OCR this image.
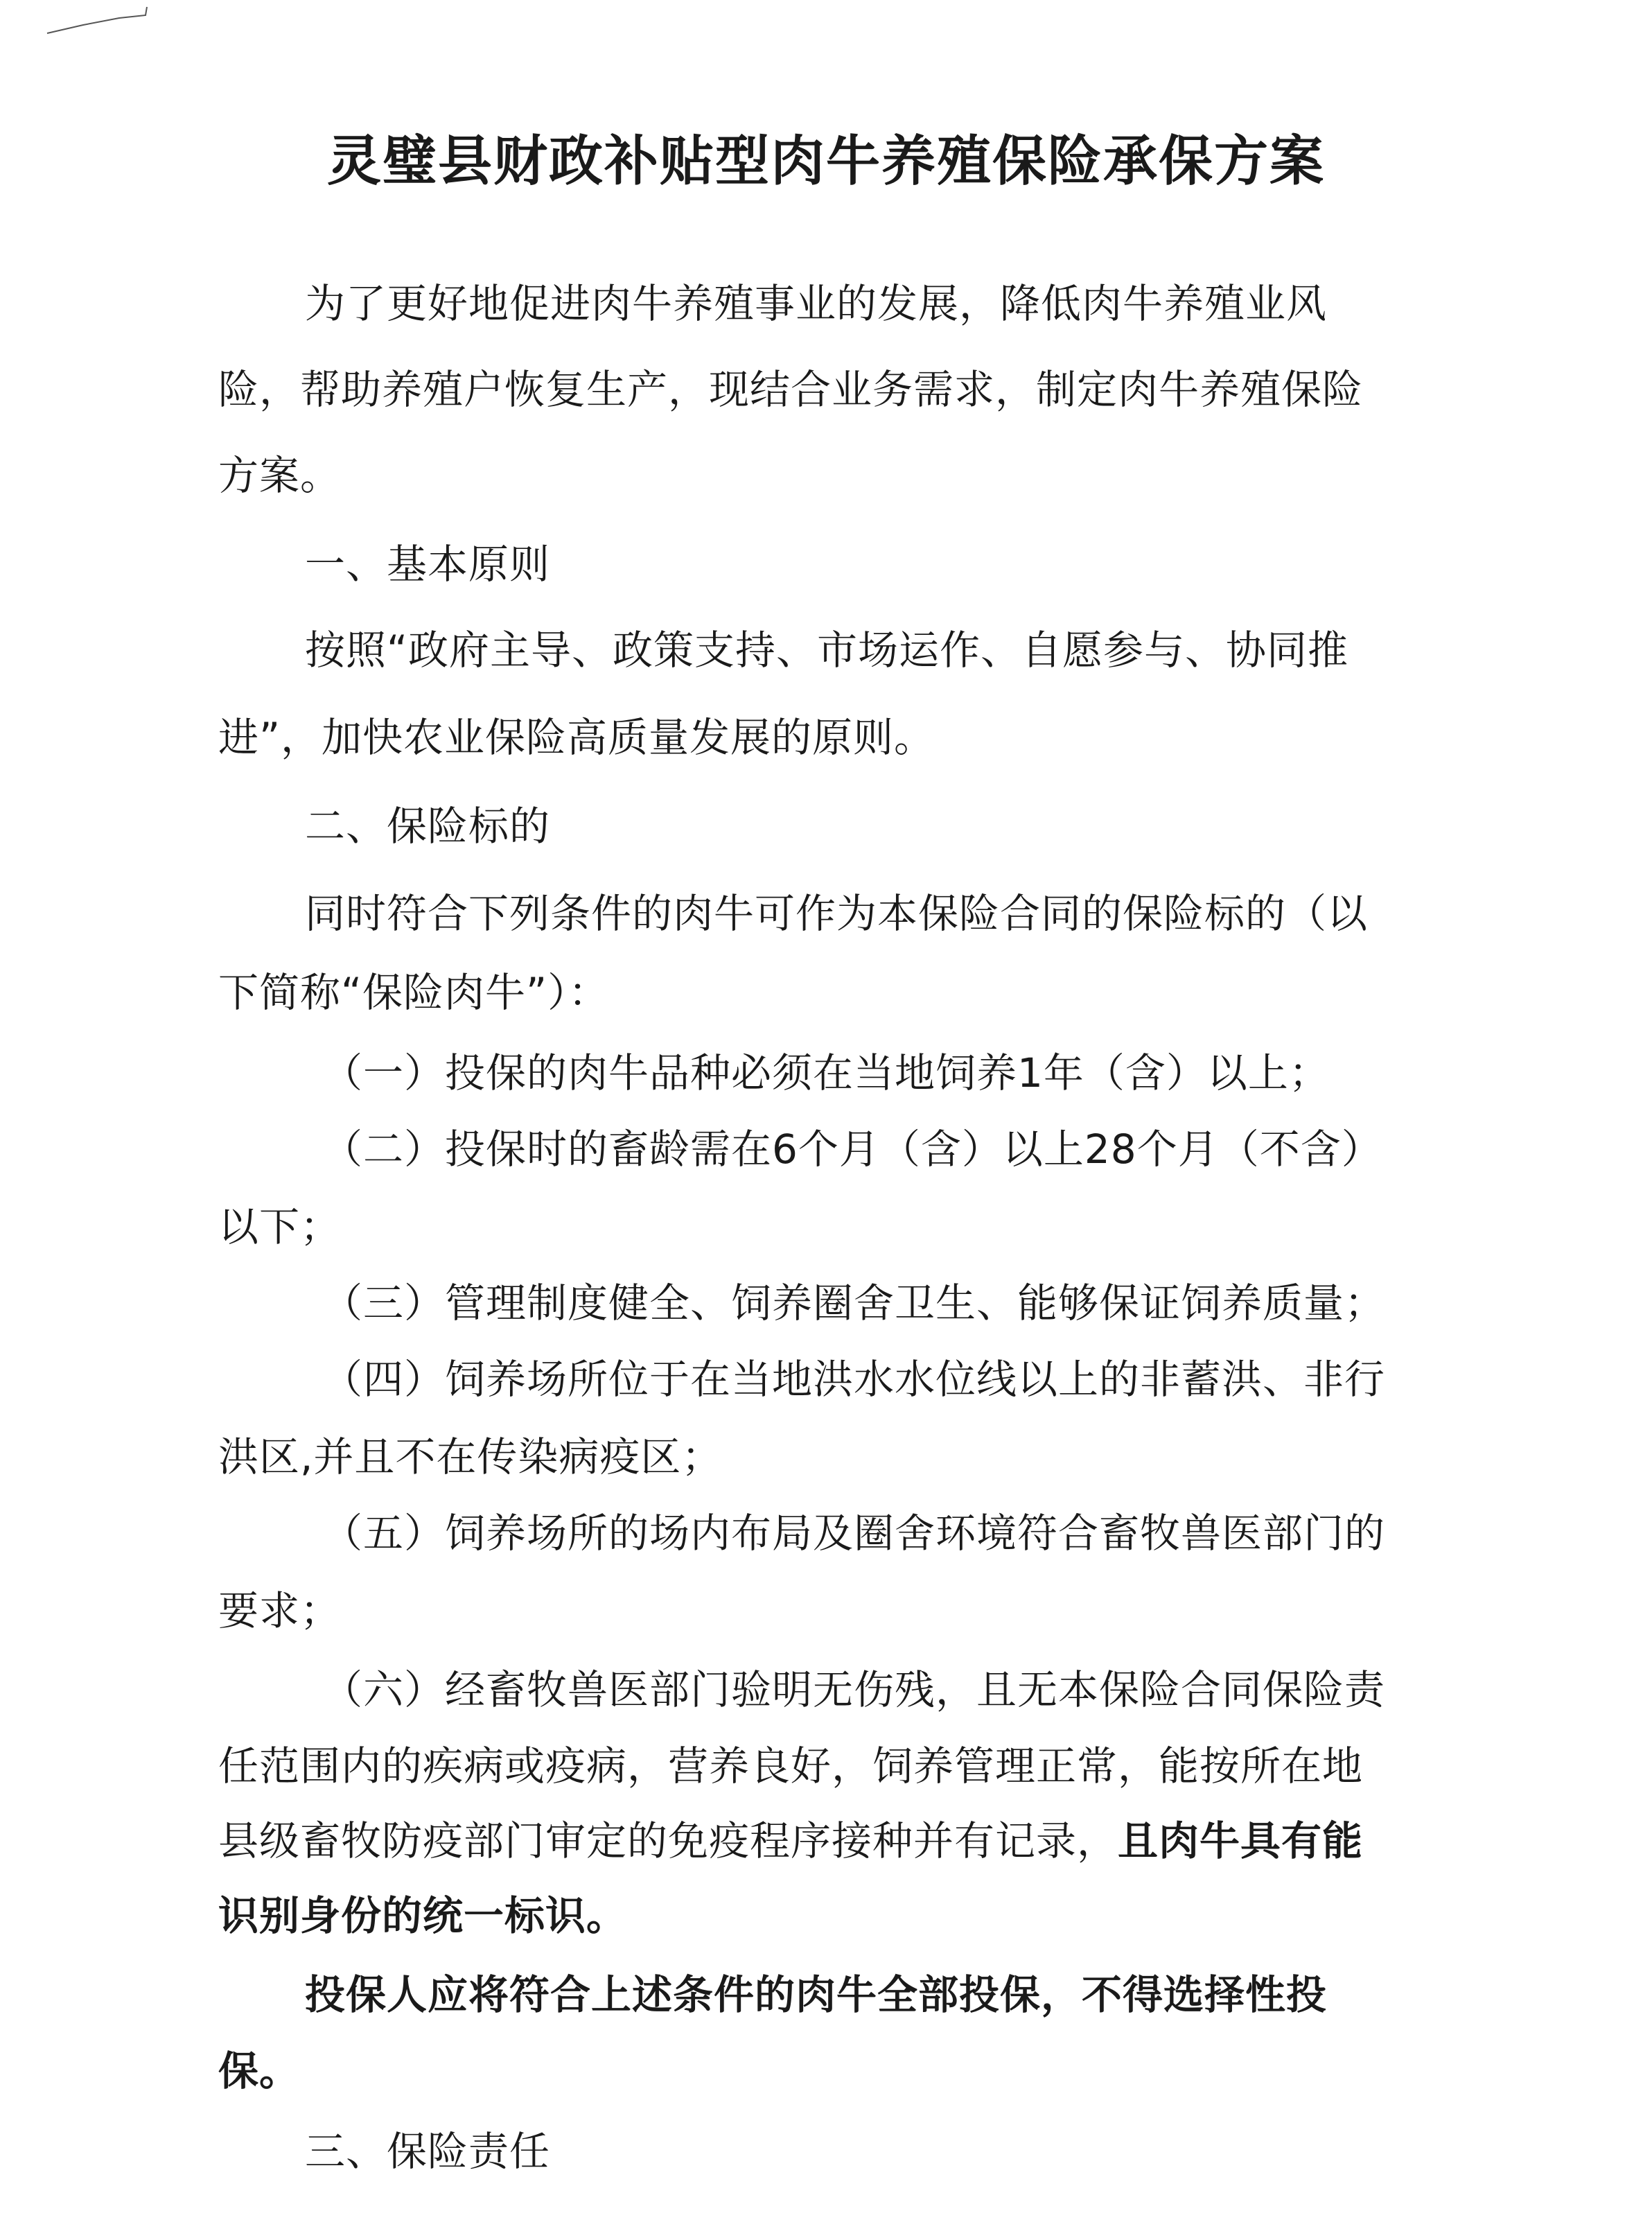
灵璧县财政补贴型肉牛养殖保险承保方案
为了更好地促进肉牛养殖事业的发展，降低肉牛养殖业风
险，帮助养殖户恢复生产，现结合业务需求，制定肉牛养殖保险
方案。
一、基本原则
按照“政府主导、政策支持、市场运作、自愿参与、协同推
进”，加快农业保险高质量发展的原则。
二、保险标的
同时符合下列条件的肉牛可作为本保险合同的保险标的（以
下简称“保险肉牛”）：
（一）投保的肉牛品种必须在当地饲养1年（含）以上；
（二）投保时的畜龄需在6个月（含）以上28个月（不含）
以下；
（三）管理制度健全、饲养圈舍卫生、能够保证饲养质量；
（四）饲养场所位于在当地洪水水位线以上的非蓄洪、非行
洪区,并且不在传染病疫区；
（五）饲养场所的场内布局及圈舍环境符合畜牧兽医部门的
要求；
（六）经畜牧兽医部门验明无伤残，且无本保险合同保险责
任范围内的疾病或疫病，营养良好，饲养管理正常，能按所在地
县级畜牧防疫部门审定的免疫程序接种并有记录，且肉牛具有能
识别身份的统一标识。
投保人应将符合上述条件的肉牛全部投保，不得选择性投
保。
三、保险责任
